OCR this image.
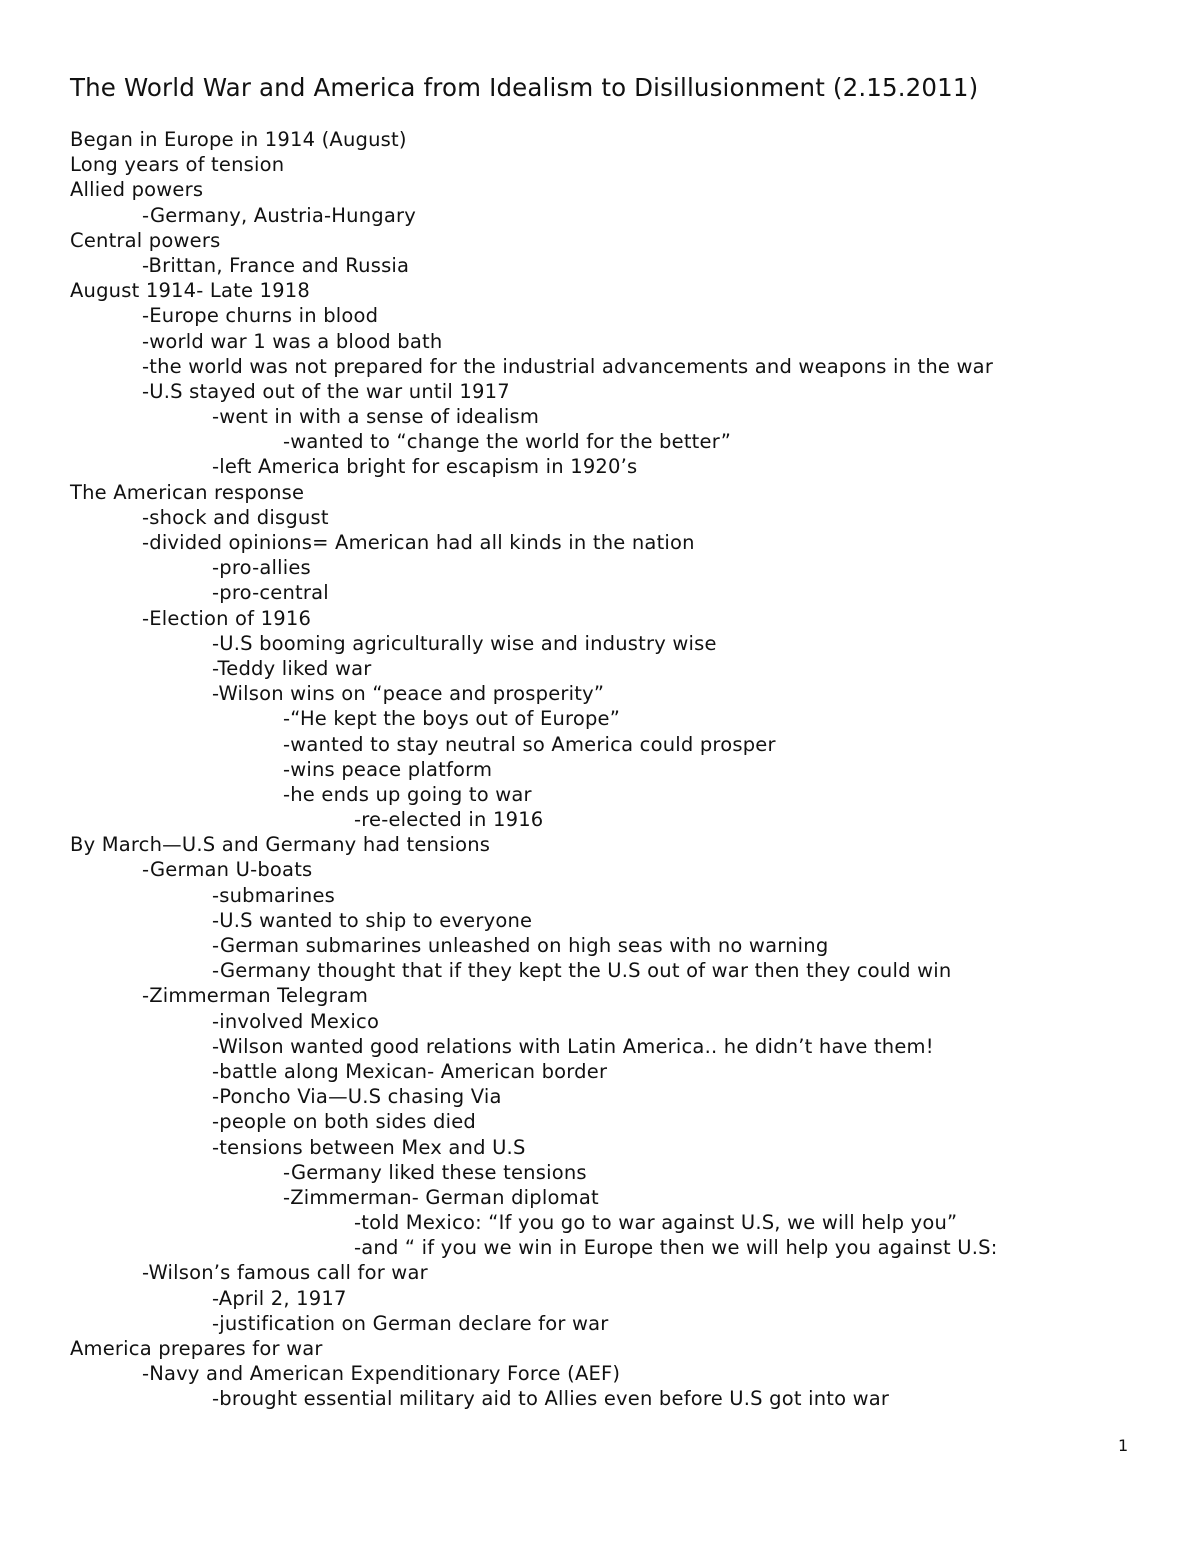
The World War and America from Idealism to Disillusionment (2.15.2011)
Began in Europe in 1914 (August)
Long years of tension
Allied powers
-Germany, Austria-Hungary
Central powers
-Brittan, France and Russia
August 1914- Late 1918
-Europe churns in blood
-world war 1 was a blood bath
-the world was not prepared for the industrial advancements and weapons in the war
-U.S stayed out of the war until 1917
-went in with a sense of idealism
-wanted to “change the world for the better”
-left America bright for escapism in 1920’s
The American response
-shock and disgust
-divided opinions= American had all kinds in the nation
-pro-allies
-pro-central
-Election of 1916
-U.S booming agriculturally wise and industry wise
-Teddy liked war
-Wilson wins on “peace and prosperity”
-“He kept the boys out of Europe”
-wanted to stay neutral so America could prosper
-wins peace platform
-he ends up going to war
-re-elected in 1916
By March—U.S and Germany had tensions
-German U-boats
-submarines
-U.S wanted to ship to everyone
-German submarines unleashed on high seas with no warning
-Germany thought that if they kept the U.S out of war then they could win
-Zimmerman Telegram
-involved Mexico
-Wilson wanted good relations with Latin America.. he didn’t have them!
-battle along Mexican- American border
-Poncho Via—U.S chasing Via
-people on both sides died
-tensions between Mex and U.S
-Germany liked these tensions
-Zimmerman- German diplomat
-told Mexico: “If you go to war against U.S, we will help you”
-and “ if you we win in Europe then we will help you against U.S:
-Wilson’s famous call for war
-April 2, 1917
-justification on German declare for war
America prepares for war
-Navy and American Expenditionary Force (AEF)
-brought essential military aid to Allies even before U.S got into war
1
